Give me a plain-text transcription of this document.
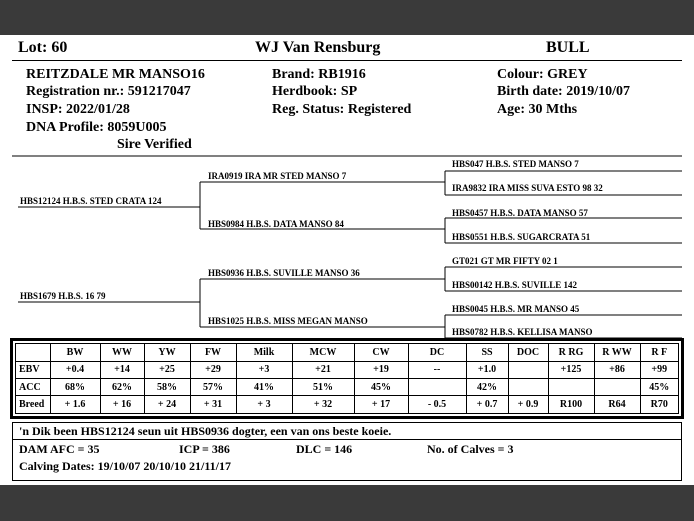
Lot: 60	WJ Van Rensburg	BULL
REITZDALE MR MANSO16
Registration nr.: 591217047
INSP: 2022/01/28
DNA Profile: 8059U005
Sire Verified
Brand: RB1916
Herdbook: SP
Reg. Status: Registered
Colour: GREY
Birth date: 2019/10/07
Age: 30 Mths
HBS12124 H.B.S. STED CRATA 124
HBS1679 H.B.S. 16 79
IRA0919 IRA MR STED MANSO 7
HBS0984 H.B.S. DATA MANSO 84
HBS0936 H.B.S. SUVILLE MANSO 36
HBS1025 H.B.S. MISS MEGAN MANSO
HBS047 H.B.S. STED MANSO 7
IRA9832 IRA MISS SUVA ESTO 98 32
HBS0457 H.B.S. DATA MANSO 57
HBS0551 H.B.S. SUGARCRATA 51
GT021 GT MR FIFTY 02 1
HBS00142 H.B.S. SUVILLE 142
HBS0045 H.B.S. MR MANSO 45
HBS0782 H.B.S. KELLISA MANSO
	BW	WW	YW	FW	Milk	MCW	CW	DC	SS	DOC	R RG	R WW	R F
EBV	+0.4	+14	+25	+29	+3	+21	+19	--	+1.0		+125	+86	+99
ACC	68%	62%	58%	57%	41%	51%	45%		42%				45%
Breed	+ 1.6	+ 16	+ 24	+ 31	+ 3	+ 32	+ 17	- 0.5	+ 0.7	+ 0.9	R100	R64	R70
'n Dik been HBS12124 seun uit HBS0936 dogter, een van ons beste koeie.
DAM AFC = 35	ICP = 386	DLC = 146	No. of Calves = 3
Calving Dates: 19/10/07 20/10/10 21/11/17
